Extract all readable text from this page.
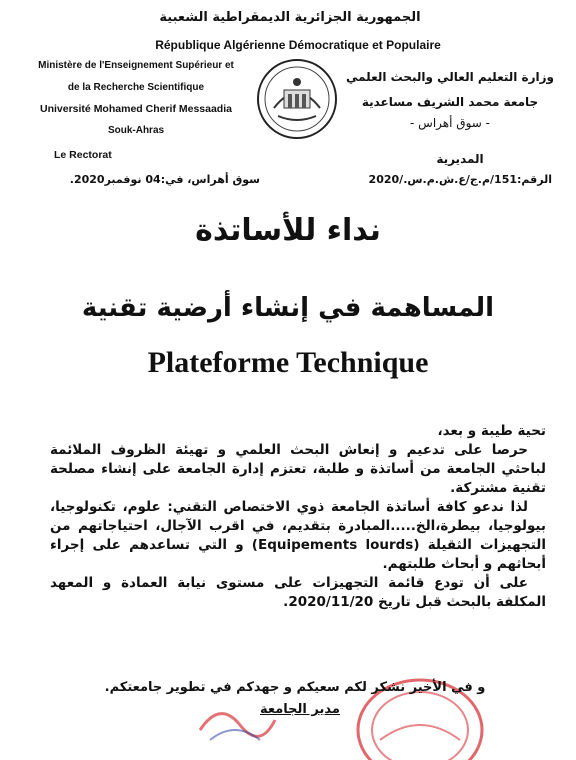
الجمهورية الجزائرية الديمقراطية الشعبية
République Algérienne Démocratique et Populaire
Ministère de l'Enseignement Supérieur et
de la Recherche Scientifique
Université Mohamed Cherif Messaadia
Souk-Ahras
وزارة التعليم العالي والبحث العلمي
جامعة محمد الشريف مساعدية
- سوق أهراس -
Le Rectorat	المديرية
الرقم:151/م.ج/ع.ش.م.س./2020
سوق أهراس، في:04 نوفمبر2020.
نداء للأساتذة
المساهمة في إنشاء أرضية تقنية
Plateforme Technique

تحية طيبة و بعد،

حرصا على تدعيم و إنعاش البحث العلمي و تهيئة الظروف الملائمة لباحثي الجامعة من أساتذة و طلبة، تعتزم إدارة الجامعة على إنشاء مصلحة تقنية مشتركة.

لذا ندعو كافة أساتذة الجامعة ذوي الاختصاص التقني: علوم، تكنولوجيا، بيولوجيا، بيطرة،الخ.....المبادرة بتقديم، في اقرب الآجال، احتياجاتهم من التجهيزات الثقيلة (Equipements lourds) و التي تساعدهم على إجراء أبحاثهم و أبحاث طلبتهم.

على أن تودع قائمة التجهيزات على مستوى نيابة العمادة و المعهد المكلفة بالبحث قبل تاريخ 2020/11/20.

و في الأخير نشكر لكم سعيكم و جهدكم في تطوير جامعتكم.
مدير الجامعة
